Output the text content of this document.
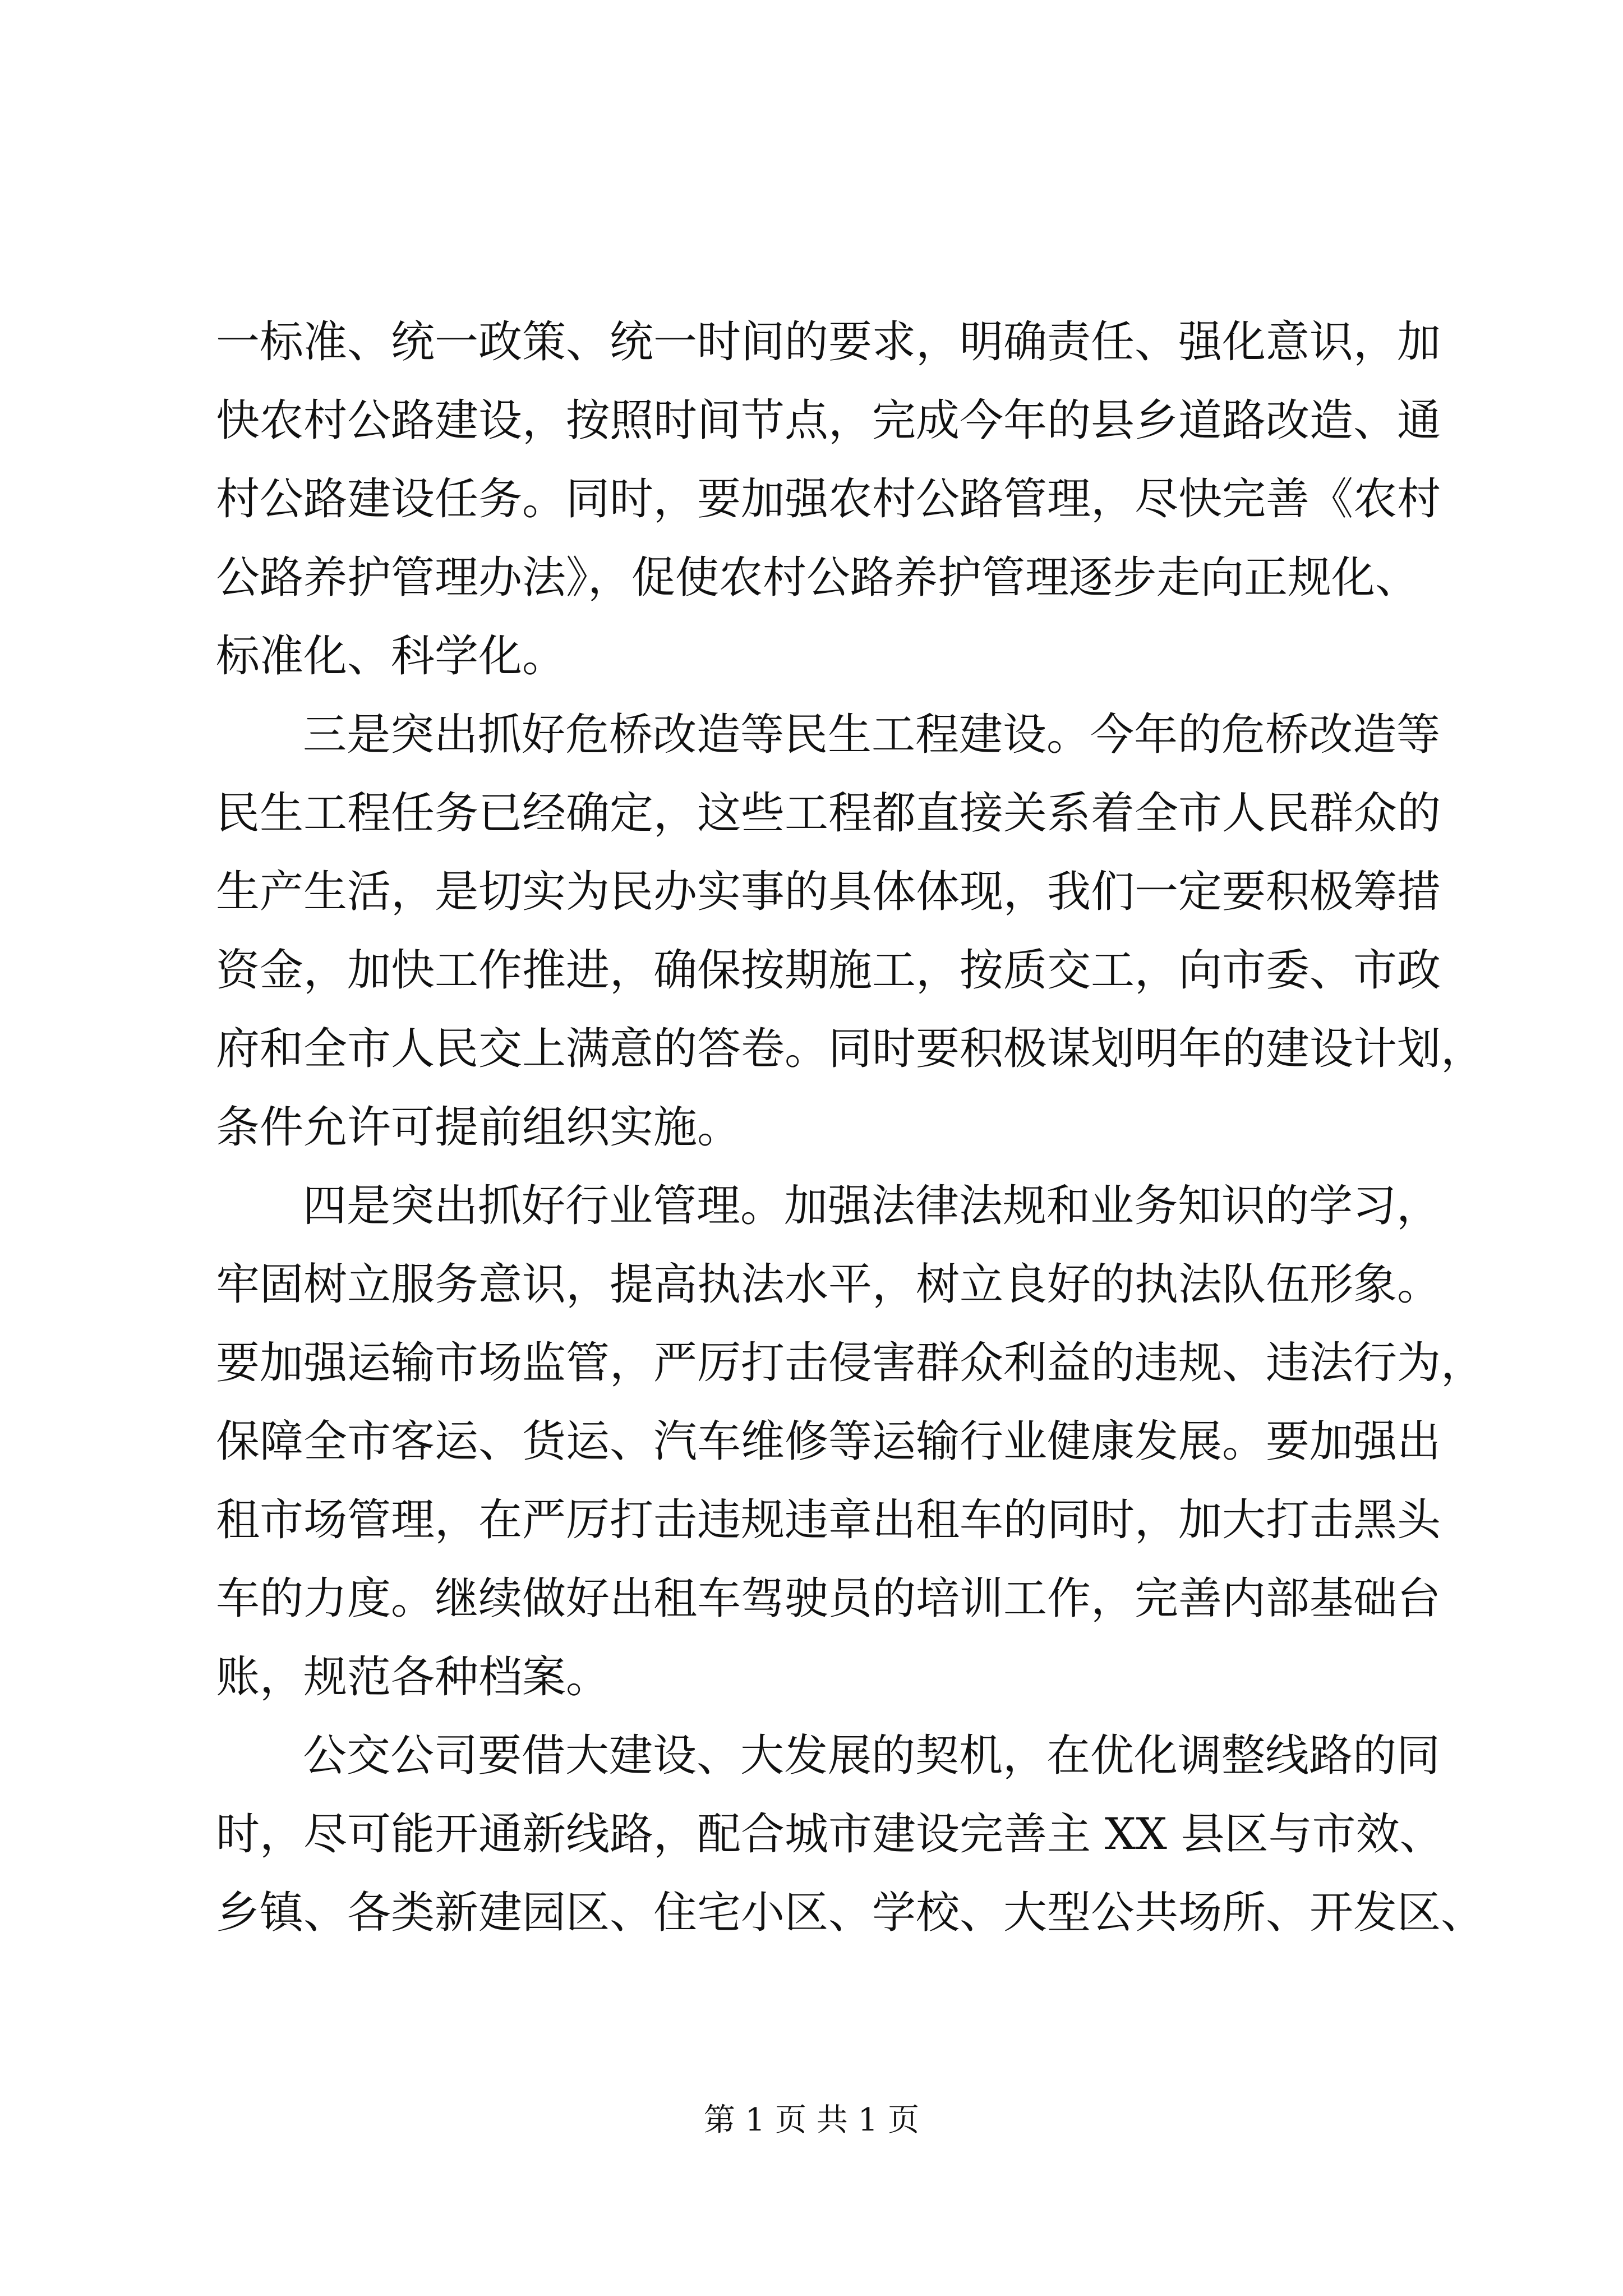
一标准、统一政策、统一时间的要求，明确责任、强化意识，加
快农村公路建设，按照时间节点，完成今年的县乡道路改造、通
村公路建设任务。同时，要加强农村公路管理，尽快完善《农村
公路养护管理办法》，促使农村公路养护管理逐步走向正规化、
标准化、科学化。
三是突出抓好危桥改造等民生工程建设。今年的危桥改造等
民生工程任务已经确定，这些工程都直接关系着全市人民群众的
生产生活，是切实为民办实事的具体体现，我们一定要积极筹措
资金，加快工作推进，确保按期施工，按质交工，向市委、市政
府和全市人民交上满意的答卷。同时要积极谋划明年的建设计划，
条件允许可提前组织实施。
四是突出抓好行业管理。加强法律法规和业务知识的学习，
牢固树立服务意识，提高执法水平，树立良好的执法队伍形象。
要加强运输市场监管，严厉打击侵害群众利益的违规、违法行为，
保障全市客运、货运、汽车维修等运输行业健康发展。要加强出
租市场管理，在严厉打击违规违章出租车的同时，加大打击黑头
车的力度。继续做好出租车驾驶员的培训工作，完善内部基础台
账，规范各种档案。
公交公司要借大建设、大发展的契机，在优化调整线路的同
时，尽可能开通新线路，配合城市建设完善主 XX 县区与市效、
乡镇、各类新建园区、住宅小区、学校、大型公共场所、开发区、
第 1 页 共 1 页
